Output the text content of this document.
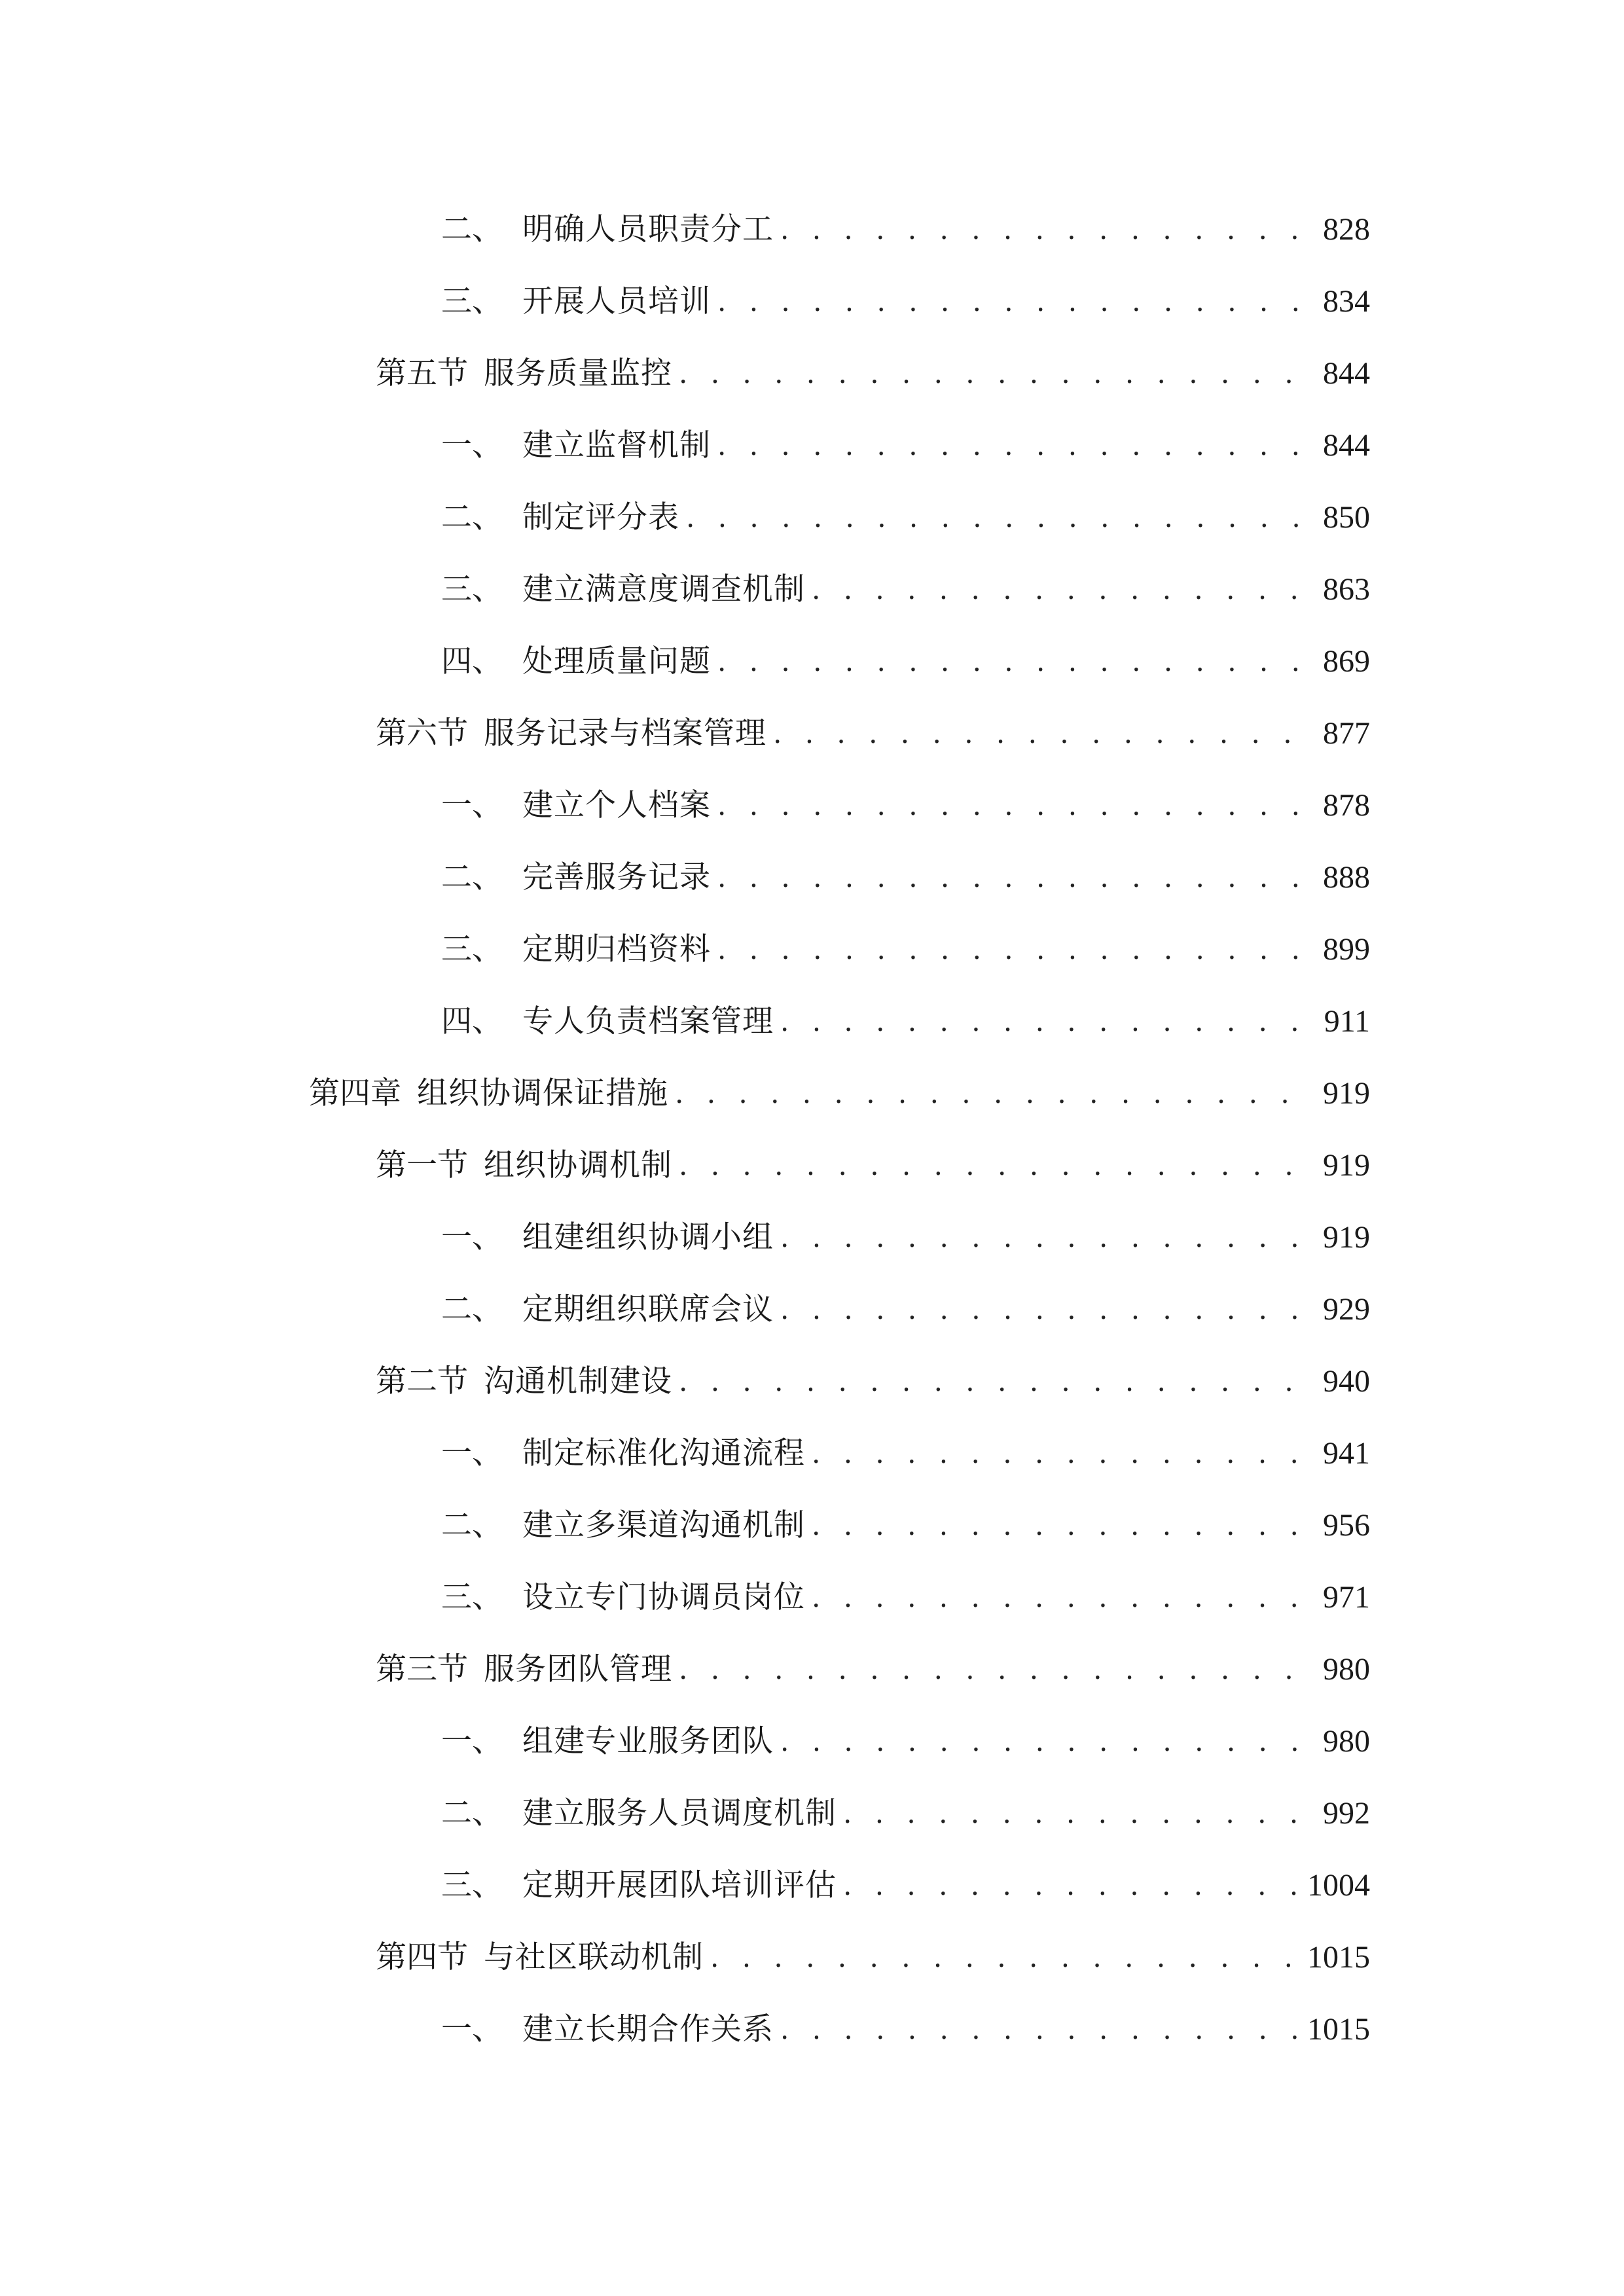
二、 明确人员职责分工 . . .	828
三、 开展人员培训 . . .	834
第五节 服务质量监控 . . .	844
一、 建立监督机制 . . .	844
二、 制定评分表 . . .	850
三、 建立满意度调查机制 . . .	863
四、 处理质量问题 . . .	869
第六节 服务记录与档案管理 . . .	877
一、 建立个人档案 . . .	878
二、 完善服务记录 . . .	888
三、 定期归档资料 . . .	899
四、 专人负责档案管理 . . .	911
第四章 组织协调保证措施 . . .	919
第一节 组织协调机制 . . .	919
一、 组建组织协调小组 . . .	919
二、 定期组织联席会议 . . .	929
第二节 沟通机制建设 . . .	940
一、 制定标准化沟通流程 . . .	941
二、 建立多渠道沟通机制 . . .	956
三、 设立专门协调员岗位 . . .	971
第三节 服务团队管理 . . .	980
一、 组建专业服务团队 . . .	980
二、 建立服务人员调度机制 . . .	992
三、 定期开展团队培训评估 . . .	1004
第四节 与社区联动机制 . . .	1015
一、 建立长期合作关系 . . .	1015
